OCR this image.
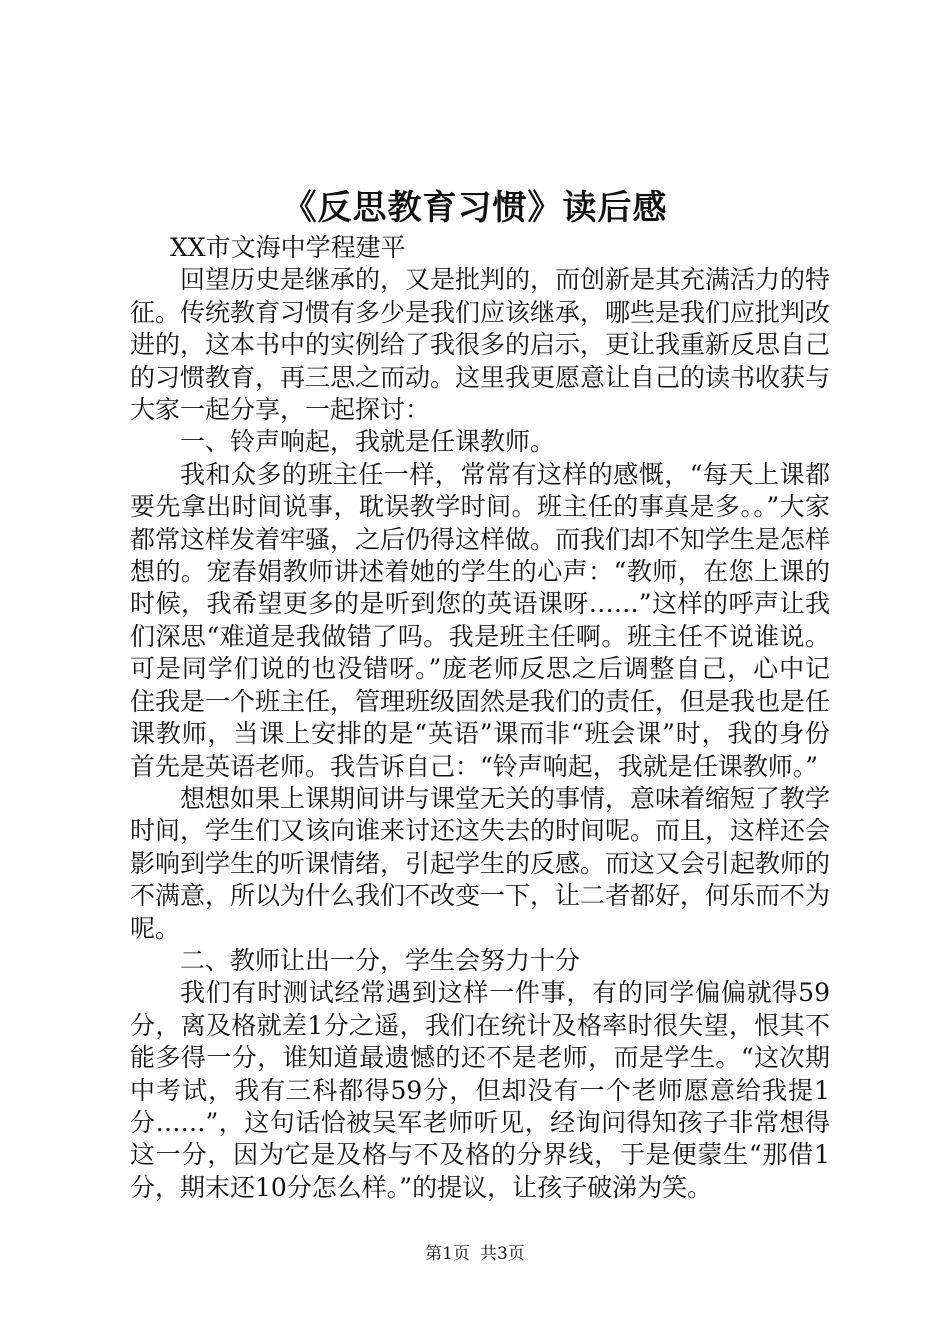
《反思教育习惯》读后感

XX市文海中学程建平

回望历史是继承的，又是批判的，而创新是其充满活力的特征。传统教育习惯有多少是我们应该继承，哪些是我们应批判改进的，这本书中的实例给了我很多的启示，更让我重新反思自己的习惯教育，再三思之而动。这里我更愿意让自己的读书收获与大家一起分享，一起探讨：

一、铃声响起，我就是任课教师。

我和众多的班主任一样，常常有这样的感慨，“每天上课都要先拿出时间说事，耽误教学时间。班主任的事真是多。。”大家都常这样发着牢骚，之后仍得这样做。而我们却不知学生是怎样想的。宠春娟教师讲述着她的学生的心声：“教师，在您上课的时候，我希望更多的是听到您的英语课呀……”这样的呼声让我们深思“难道是我做错了吗。我是班主任啊。班主任不说谁说。可是同学们说的也没错呀。”庞老师反思之后调整自己，心中记住我是一个班主任，管理班级固然是我们的责任，但是我也是任课教师，当课上安排的是“英语”课而非“班会课”时，我的身份首先是英语老师。我告诉自己：“铃声响起，我就是任课教师。”

想想如果上课期间讲与课堂无关的事情，意味着缩短了教学时间，学生们又该向谁来讨还这失去的时间呢。而且，这样还会影响到学生的听课情绪，引起学生的反感。而这又会引起教师的不满意，所以为什么我们不改变一下，让二者都好，何乐而不为呢。

二、教师让出一分，学生会努力十分

我们有时测试经常遇到这样一件事，有的同学偏偏就得59分，离及格就差1分之遥，我们在统计及格率时很失望，恨其不能多得一分，谁知道最遗憾的还不是老师，而是学生。“这次期中考试，我有三科都得59分，但却没有一个老师愿意给我提1分……”，这句话恰被吴军老师听见，经询问得知孩子非常想得这一分，因为它是及格与不及格的分界线，于是便蒙生“那借1分，期末还10分怎么样。”的提议，让孩子破涕为笑。

第1页 共3页
